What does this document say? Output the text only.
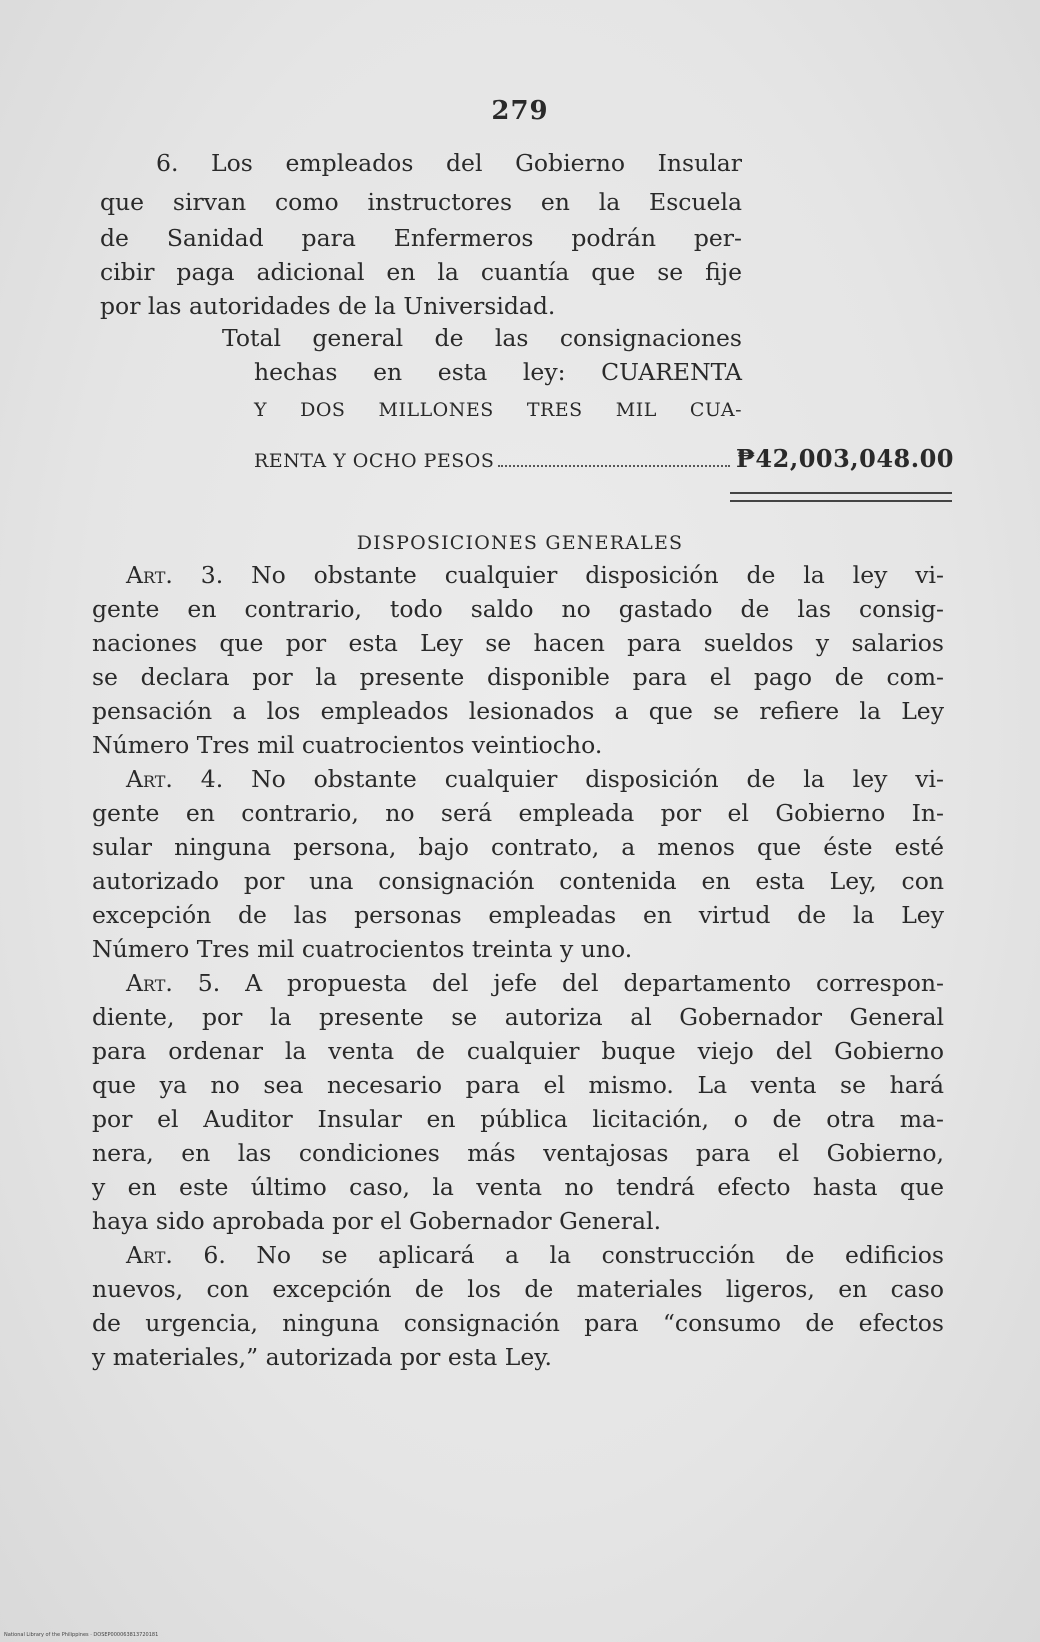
279
6. Los empleados del Gobierno Insular
que sirvan como instructores en la Escuela
de Sanidad para Enfermeros podrán per-
cibir paga adicional en la cuantía que se fije
por las autoridades de la Universidad.
Total general de las consignaciones
hechas en esta ley: CUARENTA
Y DOS MILLONES TRES MIL CUA-
RENTA Y OCHO PESOS	₱42,003,048.00
DISPOSICIONES GENERALES
Art. 3. No obstante cualquier disposición de la ley vi-
gente en contrario, todo saldo no gastado de las consig-
naciones que por esta Ley se hacen para sueldos y salarios
se declara por la presente disponible para el pago de com-
pensación a los empleados lesionados a que se refiere la Ley
Número Tres mil cuatrocientos veintiocho.
Art. 4. No obstante cualquier disposición de la ley vi-
gente en contrario, no será empleada por el Gobierno In-
sular ninguna persona, bajo contrato, a menos que éste esté
autorizado por una consignación contenida en esta Ley, con
excepción de las personas empleadas en virtud de la Ley
Número Tres mil cuatrocientos treinta y uno.
Art. 5. A propuesta del jefe del departamento correspon-
diente, por la presente se autoriza al Gobernador General
para ordenar la venta de cualquier buque viejo del Gobierno
que ya no sea necesario para el mismo. La venta se hará
por el Auditor Insular en pública licitación, o de otra ma-
nera, en las condiciones más ventajosas para el Gobierno,
y en este último caso, la venta no tendrá efecto hasta que
haya sido aprobada por el Gobernador General.
Art. 6. No se aplicará a la construcción de edificios
nuevos, con excepción de los de materiales ligeros, en caso
de urgencia, ninguna consignación para “consumo de efectos
y materiales,” autorizada por esta Ley.
National Library of the Philippines · DOSEP000063813720181
